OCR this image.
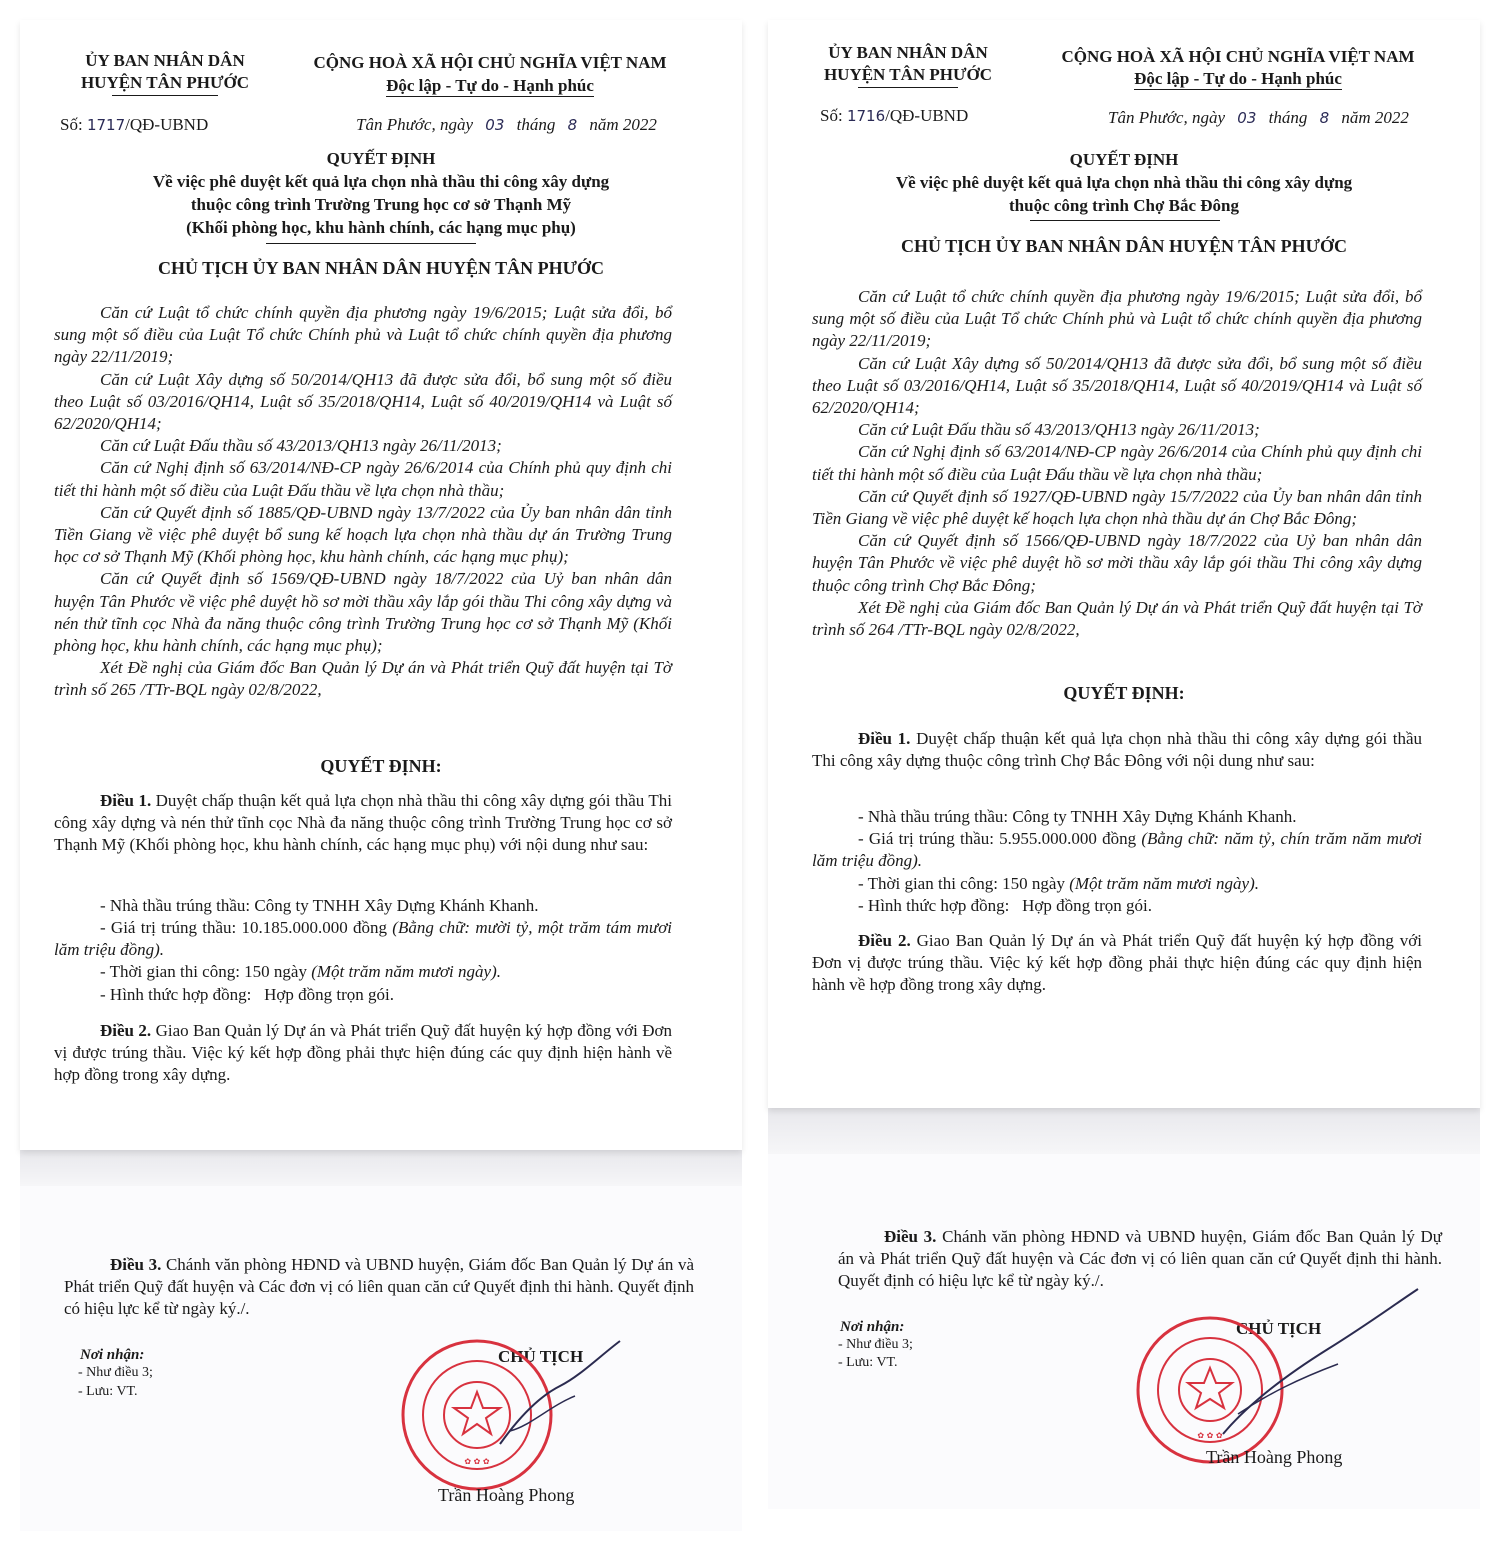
ỦY BAN NHÂN DÂN
HUYỆN TÂN PHƯỚC
CỘNG HOÀ XÃ HỘI CHỦ NGHĨA VIỆT NAM
Độc lập - Tự do - Hạnh phúc
Số: 1717/QĐ-UBND	Tân Phước, ngày 03 tháng 8 năm 2022
QUYẾT ĐỊNH
Về việc phê duyệt kết quả lựa chọn nhà thầu thi công xây dựng
thuộc công trình Trường Trung học cơ sở Thạnh Mỹ
(Khối phòng học, khu hành chính, các hạng mục phụ)
CHỦ TỊCH ỦY BAN NHÂN DÂN HUYỆN TÂN PHƯỚC
Căn cứ Luật tổ chức chính quyền địa phương ngày 19/6/2015; Luật sửa đổi, bổ sung một số điều của Luật Tổ chức Chính phủ và Luật tổ chức chính quyền địa phương ngày 22/11/2019;
Căn cứ Luật Xây dựng số 50/2014/QH13 đã được sửa đổi, bổ sung một số điều theo Luật số 03/2016/QH14, Luật số 35/2018/QH14, Luật số 40/2019/QH14 và Luật số 62/2020/QH14;
Căn cứ Luật Đấu thầu số 43/2013/QH13 ngày 26/11/2013;
Căn cứ Nghị định số 63/2014/NĐ-CP ngày 26/6/2014 của Chính phủ quy định chi tiết thi hành một số điều của Luật Đấu thầu về lựa chọn nhà thầu;
Căn cứ Quyết định số 1885/QĐ-UBND ngày 13/7/2022 của Ủy ban nhân dân tỉnh Tiền Giang về việc phê duyệt bổ sung kế hoạch lựa chọn nhà thầu dự án Trường Trung học cơ sở Thạnh Mỹ (Khối phòng học, khu hành chính, các hạng mục phụ);
Căn cứ Quyết định số 1569/QĐ-UBND ngày 18/7/2022 của Uỷ ban nhân dân huyện Tân Phước về việc phê duyệt hồ sơ mời thầu xây lắp gói thầu Thi công xây dựng và nén thử tĩnh cọc Nhà đa năng thuộc công trình Trường Trung học cơ sở Thạnh Mỹ (Khối phòng học, khu hành chính, các hạng mục phụ);
Xét Đề nghị của Giám đốc Ban Quản lý Dự án và Phát triển Quỹ đất huyện tại Tờ trình số 265 /TTr-BQL ngày 02/8/2022,
QUYẾT ĐỊNH:
Điều 1. Duyệt chấp thuận kết quả lựa chọn nhà thầu thi công xây dựng gói thầu Thi công xây dựng và nén thử tĩnh cọc Nhà đa năng thuộc công trình Trường Trung học cơ sở Thạnh Mỹ (Khối phòng học, khu hành chính, các hạng mục phụ) với nội dung như sau:
- Nhà thầu trúng thầu: Công ty TNHH Xây Dựng Khánh Khanh.
- Giá trị trúng thầu: 10.185.000.000 đồng (Bằng chữ: mười tỷ, một trăm tám mươi lăm triệu đồng).
- Thời gian thi công: 150 ngày (Một trăm năm mươi ngày).
- Hình thức hợp đồng:   Hợp đồng trọn gói.
Điều 2. Giao Ban Quản lý Dự án và Phát triển Quỹ đất huyện ký hợp đồng với Đơn vị được trúng thầu. Việc ký kết hợp đồng phải thực hiện đúng các quy định hiện hành về hợp đồng trong xây dựng.
Điều 3. Chánh văn phòng HĐND và UBND huyện, Giám đốc Ban Quản lý Dự án và Phát triển Quỹ đất huyện và Các đơn vị có liên quan căn cứ Quyết định thi hành. Quyết định có hiệu lực kể từ ngày ký./.
Nơi nhận:
- Như điều 3;
- Lưu: VT.
CHỦ TỊCH
✿ ✿ ✿
Trần Hoàng Phong
ỦY BAN NHÂN DÂN
HUYỆN TÂN PHƯỚC
CỘNG HOÀ XÃ HỘI CHỦ NGHĨA VIỆT NAM
Độc lập - Tự do - Hạnh phúc
Số: 1716/QĐ-UBND	Tân Phước, ngày 03 tháng 8 năm 2022
QUYẾT ĐỊNH
Về việc phê duyệt kết quả lựa chọn nhà thầu thi công xây dựng
thuộc công trình Chợ Bắc Đông
CHỦ TỊCH ỦY BAN NHÂN DÂN HUYỆN TÂN PHƯỚC
Căn cứ Luật tổ chức chính quyền địa phương ngày 19/6/2015; Luật sửa đổi, bổ sung một số điều của Luật Tổ chức Chính phủ và Luật tổ chức chính quyền địa phương ngày 22/11/2019;
Căn cứ Luật Xây dựng số 50/2014/QH13 đã được sửa đổi, bổ sung một số điều theo Luật số 03/2016/QH14, Luật số 35/2018/QH14, Luật số 40/2019/QH14 và Luật số 62/2020/QH14;
Căn cứ Luật Đấu thầu số 43/2013/QH13 ngày 26/11/2013;
Căn cứ Nghị định số 63/2014/NĐ-CP ngày 26/6/2014 của Chính phủ quy định chi tiết thi hành một số điều của Luật Đấu thầu về lựa chọn nhà thầu;
Căn cứ Quyết định số 1927/QĐ-UBND ngày 15/7/2022 của Ủy ban nhân dân tỉnh Tiền Giang về việc phê duyệt kế hoạch lựa chọn nhà thầu dự án Chợ Bắc Đông;
Căn cứ Quyết định số 1566/QĐ-UBND ngày 18/7/2022 của Uỷ ban nhân dân huyện Tân Phước về việc phê duyệt hồ sơ mời thầu xây lắp gói thầu Thi công xây dựng thuộc công trình Chợ Bắc Đông;
Xét Đề nghị của Giám đốc Ban Quản lý Dự án và Phát triển Quỹ đất huyện tại Tờ trình số 264 /TTr-BQL ngày 02/8/2022,
QUYẾT ĐỊNH:
Điều 1. Duyệt chấp thuận kết quả lựa chọn nhà thầu thi công xây dựng gói thầu Thi công xây dựng thuộc công trình Chợ Bắc Đông với nội dung như sau:
- Nhà thầu trúng thầu: Công ty TNHH Xây Dựng Khánh Khanh.
- Giá trị trúng thầu: 5.955.000.000 đồng (Bằng chữ: năm tỷ, chín trăm năm mươi lăm triệu đồng).
- Thời gian thi công: 150 ngày (Một trăm năm mươi ngày).
- Hình thức hợp đồng:   Hợp đồng trọn gói.
Điều 2. Giao Ban Quản lý Dự án và Phát triển Quỹ đất huyện ký hợp đồng với Đơn vị được trúng thầu. Việc ký kết hợp đồng phải thực hiện đúng các quy định hiện hành về hợp đồng trong xây dựng.
Điều 3. Chánh văn phòng HĐND và UBND huyện, Giám đốc Ban Quản lý Dự án và Phát triển Quỹ đất huyện và Các đơn vị có liên quan căn cứ Quyết định thi hành. Quyết định có hiệu lực kể từ ngày ký./.
Nơi nhận:
- Như điều 3;
- Lưu: VT.
CHỦ TỊCH
✿ ✿ ✿
Trần Hoàng Phong
